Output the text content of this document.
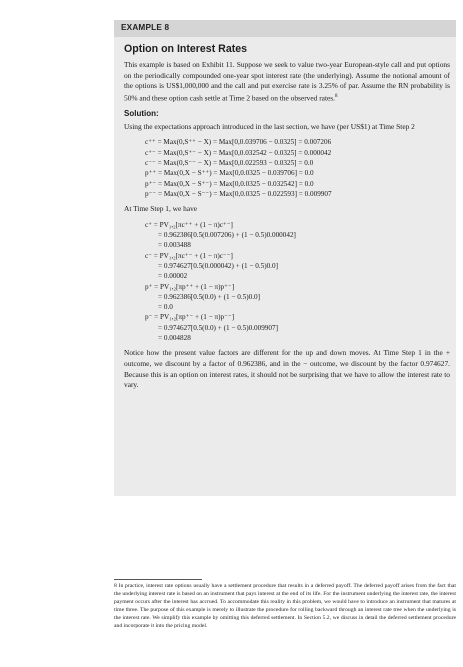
EXAMPLE 8
Option on Interest Rates

This example is based on Exhibit 11. Suppose we seek to value two-year European-style call and put options on the periodically compounded one-year spot interest rate (the underlying). Assume the notional amount of the options is US$1,000,000 and the call and put exercise rate is 3.25% of par. Assume the RN probability is 50% and these option cash settle at Time 2 based on the observed rates.$^8$

Solution:

Using the expectations approach introduced in the last section, we have (per US$1) at Time Step 2

c⁺⁺ = Max(0,S⁺⁺ − X) = Max[0,0.039706 − 0.0325] = 0.007206
c⁺⁻ = Max(0,S⁺⁻ − X) = Max[0,0.032542 − 0.0325] = 0.000042
c⁻⁻ = Max(0,S⁻⁻ − X) = Max[0,0.022593 − 0.0325] = 0.0
p⁺⁺ = Max(0,X − S⁺⁺) = Max[0,0.0325 − 0.039706] = 0.0
p⁺⁻ = Max(0,X − S⁺⁻) = Max[0,0.0325 − 0.032542] = 0.0
p⁻⁻ = Max(0,X − S⁻⁻) = Max[0,0.0325 − 0.022593] = 0.009907

At Time Step 1, we have

c⁺ = PV₁,₂[πc⁺⁺ + (1 − π)c⁺⁻]
= 0.962386[0.5(0.007206) + (1 − 0.5)0.000042]
= 0.003488
c⁻ = PV₁,₂[πc⁺⁻ + (1 − π)c⁻⁻]
= 0.974627[0.5(0.000042) + (1 − 0.5)0.0]
= 0.00002
p⁺ = PV₁,₂[πp⁺⁺ + (1 − π)p⁺⁻]
= 0.962386[0.5(0.0) + (1 − 0.5)0.0]
= 0.0
p⁻ = PV₁,₂[πp⁺⁻ + (1 − π)p⁻⁻]
= 0.974627[0.5(0.0) + (1 − 0.5)0.009907]
= 0.004828

Notice how the present value factors are different for the up and down moves. At Time Step 1 in the + outcome, we discount by a factor of 0.962386, and in the − outcome, we discount by the factor 0.974627. Because this is an option on interest rates, it should not be surprising that we have to allow the interest rate to vary.

8 In practice, interest rate options usually have a settlement procedure that results in a deferred payoff. The deferred payoff arises from the fact that the underlying interest rate is based on an instrument that pays interest at the end of its life. For the instrument underlying the interest rate, the interest payment occurs after the interest has accrued. To accommodate this reality in this problem, we would have to introduce an instrument that matures at time three. The purpose of this example is merely to illustrate the procedure for rolling backward through an interest rate tree when the underlying is the interest rate. We simplify this example by omitting this deferred settlement. In Section 5.2, we discuss in detail the deferred settlement procedure and incorporate it into the pricing model.
